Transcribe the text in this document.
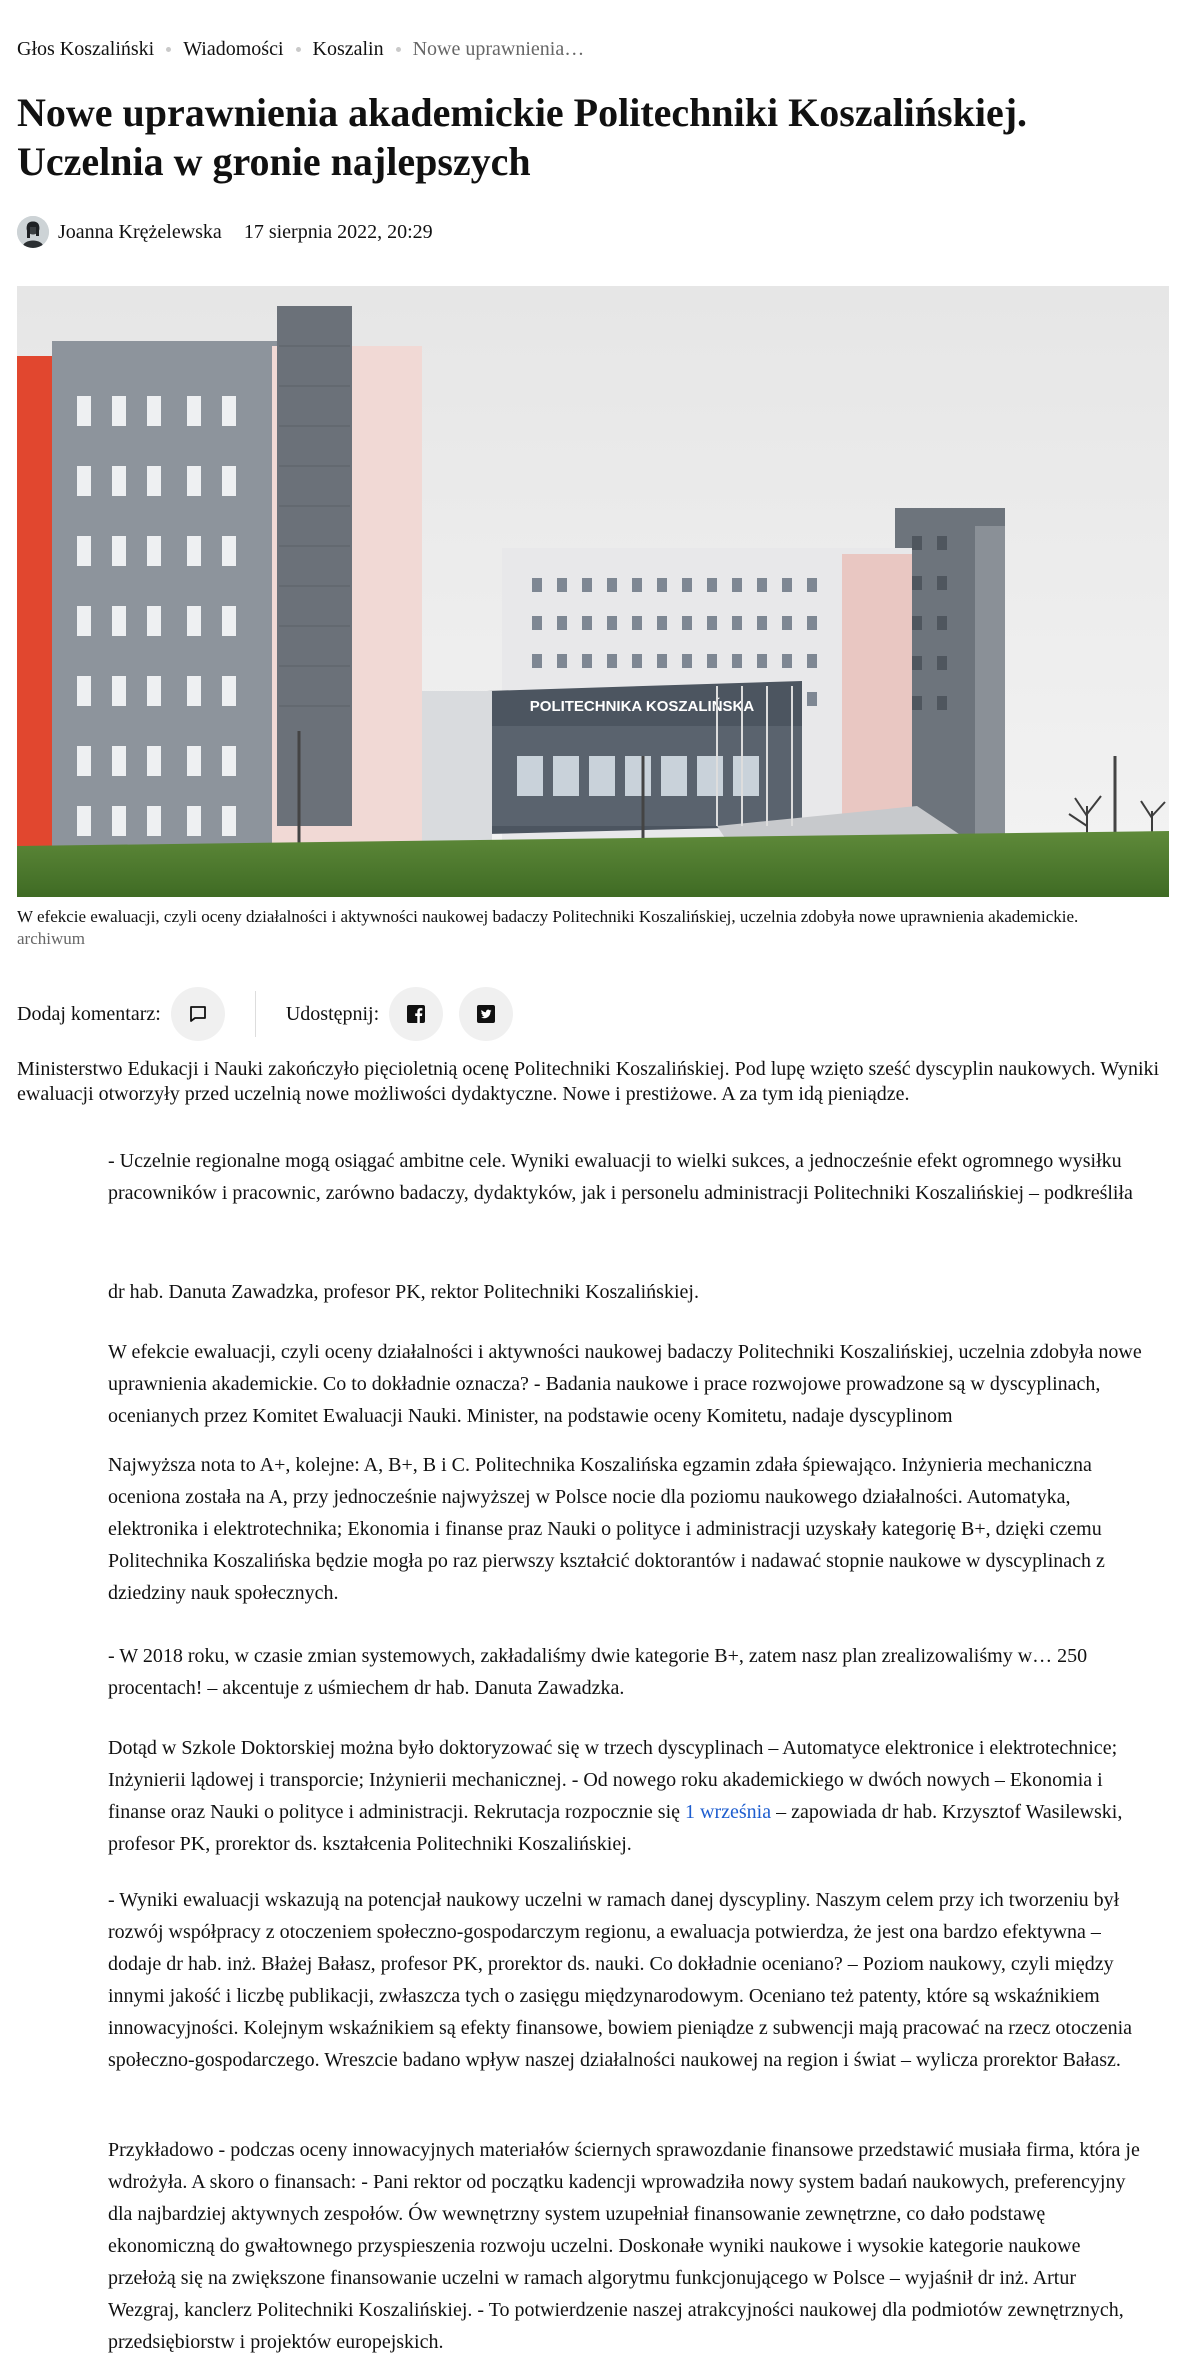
Głos Koszaliński Wiadomości Koszalin Nowe uprawnienia…
Nowe uprawnienia akademickie Politechniki Koszalińskiej.
Uczelnia w gronie najlepszych
Joanna Krężelewska 17 sierpnia 2022, 20:29
POLITECHNIKA KOSZALIŃSKA
W efekcie ewaluacji, czyli oceny działalności i aktywności naukowej badaczy Politechniki Koszalińskiej, uczelnia zdobyła nowe uprawnienia akademickie.
archiwum
Dodaj komentarz:	Udostępnij:

Ministerstwo Edukacji i Nauki zakończyło pięcioletnią ocenę Politechniki Koszalińskiej. Pod lupę wzięto sześć dyscyplin naukowych. Wyniki ewaluacji otworzyły przed uczelnią nowe możliwości dydaktyczne. Nowe i prestiżowe. A za tym idą pieniądze.

- Uczelnie regionalne mogą osiągać ambitne cele. Wyniki ewaluacji to wielki sukces, a jednocześnie efekt ogromnego wysiłku pracowników i pracownic, zarówno badaczy, dydaktyków, jak i personelu administracji Politechniki Koszalińskiej – podkreśliła

dr hab. Danuta Zawadzka, profesor PK, rektor Politechniki Koszalińskiej.

W efekcie ewaluacji, czyli oceny działalności i aktywności naukowej badaczy Politechniki Koszalińskiej, uczelnia zdobyła nowe uprawnienia akademickie. Co to dokładnie oznacza? - Badania naukowe i prace rozwojowe prowadzone są w dyscyplinach, ocenianych przez Komitet Ewaluacji Nauki. Minister, na podstawie oceny Komitetu, nadaje dyscyplinom

Najwyższa nota to A+, kolejne: A, B+, B i C. Politechnika Koszalińska egzamin zdała śpiewająco. Inżynieria mechaniczna oceniona została na A, przy jednocześnie najwyższej w Polsce nocie dla poziomu naukowego działalności. Automatyka, elektronika i elektrotechnika; Ekonomia i finanse praz Nauki o polityce i administracji uzyskały kategorię B+, dzięki czemu Politechnika Koszalińska będzie mogła po raz pierwszy kształcić doktorantów i nadawać stopnie naukowe w dyscyplinach z dziedziny nauk społecznych.

- W 2018 roku, w czasie zmian systemowych, zakładaliśmy dwie kategorie B+, zatem nasz plan zrealizowaliśmy w… 250 procentach! – akcentuje z uśmiechem dr hab. Danuta Zawadzka.

Dotąd w Szkole Doktorskiej można było doktoryzować się w trzech dyscyplinach – Automatyce elektronice i elektrotechnice; Inżynierii lądowej i transporcie; Inżynierii mechanicznej. - Od nowego roku akademickiego w dwóch nowych – Ekonomia i finanse oraz Nauki o polityce i administracji. Rekrutacja rozpocznie się 1 września – zapowiada dr hab. Krzysztof Wasilewski, profesor PK, prorektor ds. kształcenia Politechniki Koszalińskiej.

- Wyniki ewaluacji wskazują na potencjał naukowy uczelni w ramach danej dyscypliny. Naszym celem przy ich tworzeniu był rozwój współpracy z otoczeniem społeczno-gospodarczym regionu, a ewaluacja potwierdza, że jest ona bardzo efektywna – dodaje dr hab. inż. Błażej Bałasz, profesor PK, prorektor ds. nauki. Co dokładnie oceniano? – Poziom naukowy, czyli między innymi jakość i liczbę publikacji, zwłaszcza tych o zasięgu międzynarodowym. Oceniano też patenty, które są wskaźnikiem innowacyjności. Kolejnym wskaźnikiem są efekty finansowe, bowiem pieniądze z subwencji mają pracować na rzecz otoczenia społeczno-gospodarczego. Wreszcie badano wpływ naszej działalności naukowej na region i świat – wylicza prorektor Bałasz.

Przykładowo - podczas oceny innowacyjnych materiałów ściernych sprawozdanie finansowe przedstawić musiała firma, która je wdrożyła. A skoro o finansach: - Pani rektor od początku kadencji wprowadziła nowy system badań naukowych, preferencyjny dla najbardziej aktywnych zespołów. Ów wewnętrzny system uzupełniał finansowanie zewnętrzne, co dało podstawę ekonomiczną do gwałtownego przyspieszenia rozwoju uczelni. Doskonałe wyniki naukowe i wysokie kategorie naukowe przełożą się na zwiększone finansowanie uczelni w ramach algorytmu funkcjonującego w Polsce – wyjaśnił dr inż. Artur Wezgraj, kanclerz Politechniki Koszalińskiej. - To potwierdzenie naszej atrakcyjności naukowej dla podmiotów zewnętrznych, przedsiębiorstw i projektów europejskich.
